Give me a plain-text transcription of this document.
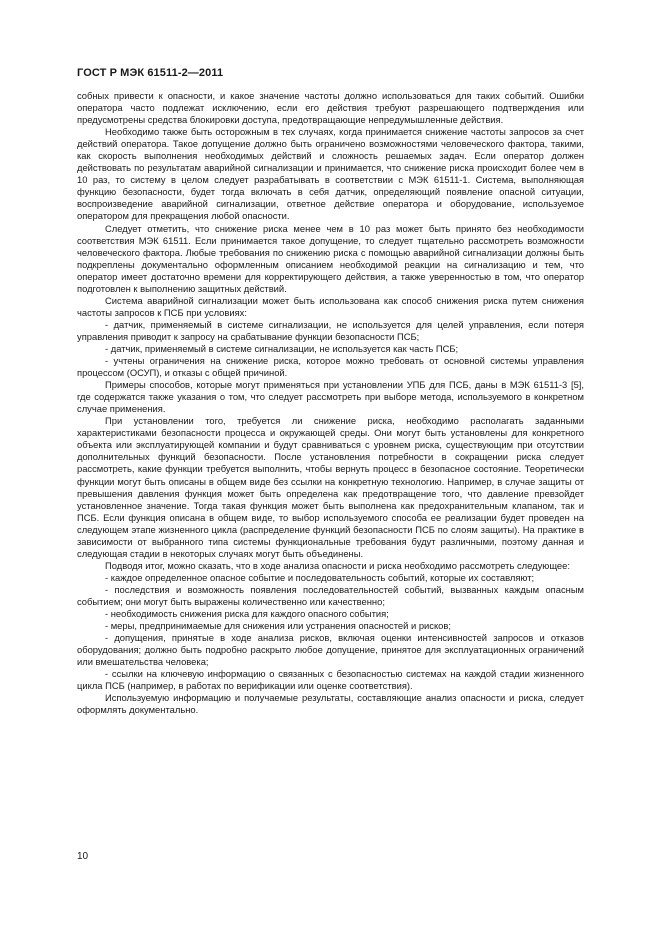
ГОСТ Р МЭК 61511-2—2011

собных привести к опасности, и какое значение частоты должно использоваться для таких событий. Ошибки оператора часто подлежат исключению, если его действия требуют разрешающего подтверждения или предусмотрены средства блокировки доступа, предотвращающие непредумышленные действия.

Необходимо также быть осторожным в тех случаях, когда принимается снижение частоты запросов за счет действий оператора. Такое допущение должно быть ограничено возможностями человеческого фактора, такими, как скорость выполнения необходимых действий и сложность решаемых задач. Если оператор должен действовать по результатам аварийной сигнализации и принимается, что снижение риска происходит более чем в 10 раз, то систему в целом следует разрабатывать в соответствии с МЭК 61511-1. Система, выполняющая функцию безопасности, будет тогда включать в себя датчик, определяющий появление опасной ситуации, воспроизведение аварийной сигнализации, ответное действие оператора и оборудование, используемое оператором для прекращения любой опасности.

Следует отметить, что снижение риска менее чем в 10 раз может быть принято без необходимости соответствия МЭК 61511. Если принимается такое допущение, то следует тщательно рассмотреть возможности человеческого фактора. Любые требования по снижению риска с помощью аварийной сигнализации должны быть подкреплены документально оформленным описанием необходимой реакции на сигнализацию и тем, что оператор имеет достаточно времени для корректирующего действия, а также уверенностью в том, что оператор подготовлен к выполнению защитных действий.

Система аварийной сигнализации может быть использована как способ снижения риска путем снижения частоты запросов к ПСБ при условиях:

- датчик, применяемый в системе сигнализации, не используется для целей управления, если потеря управления приводит к запросу на срабатывание функции безопасности ПСБ;

- датчик, применяемый в системе сигнализации, не используется как часть ПСБ;

- учтены ограничения на снижение риска, которое можно требовать от основной системы управления процессом (ОСУП), и отказы с общей причиной.

Примеры способов, которые могут применяться при установлении УПБ для ПСБ, даны в МЭК 61511-3 [5], где содержатся также указания о том, что следует рассмотреть при выборе метода, используемого в конкретном случае применения.

При установлении того, требуется ли снижение риска, необходимо располагать заданными характеристиками безопасности процесса и окружающей среды. Они могут быть установлены для конкретного объекта или эксплуатирующей компании и будут сравниваться с уровнем риска, существующим при отсутствии дополнительных функций безопасности. После установления потребности в сокращении риска следует рассмотреть, какие функции требуется выполнить, чтобы вернуть процесс в безопасное состояние. Теоретически функции могут быть описаны в общем виде без ссылки на конкретную технологию. Например, в случае защиты от превышения давления функция может быть определена как предотвращение того, что давление превзойдет установленное значение. Тогда такая функция может быть выполнена как предохранительным клапаном, так и ПСБ. Если функция описана в общем виде, то выбор используемого способа ее реализации будет проведен на следующем этапе жизненного цикла (распределение функций безопасности ПСБ по слоям защиты). На практике в зависимости от выбранного типа системы функциональные требования будут различными, поэтому данная и следующая стадии в некоторых случаях могут быть объединены.

Подводя итог, можно сказать, что в ходе анализа опасности и риска необходимо рассмотреть следующее:

- каждое определенное опасное событие и последовательность событий, которые их составляют;

- последствия и возможность появления последовательностей событий, вызванных каждым опасным событием; они могут быть выражены количественно или качественно;

- необходимость снижения риска для каждого опасного события;

- меры, предпринимаемые для снижения или устранения опасностей и рисков;

- допущения, принятые в ходе анализа рисков, включая оценки интенсивностей запросов и отказов оборудования; должно быть подробно раскрыто любое допущение, принятое для эксплуатационных ограничений или вмешательства человека;

- ссылки на ключевую информацию о связанных с безопасностью системах на каждой стадии жизненного цикла ПСБ (например, в работах по верификации или оценке соответствия).

Используемую информацию и получаемые результаты, составляющие анализ опасности и риска, следует оформлять документально.

10
